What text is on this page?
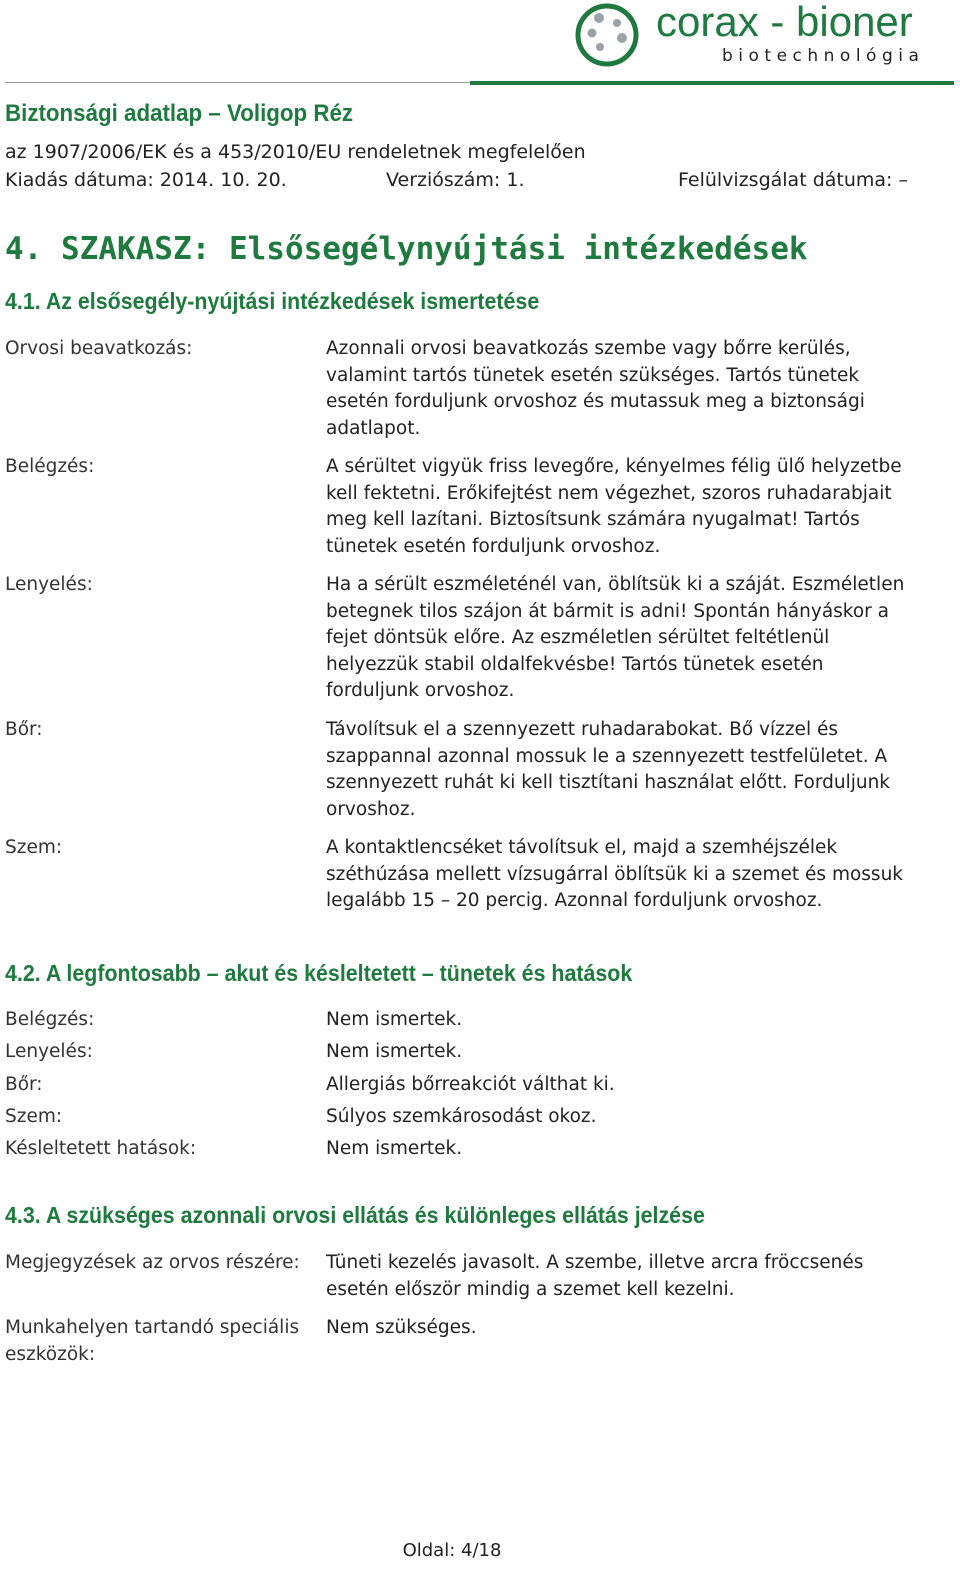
corax - bioner
biotechnológia
Biztonsági adatlap – Voligop Réz
az 1907/2006/EK és a 453/2010/EU rendeletnek megfelelően
Kiadás dátuma: 2014. 10. 20.	Verziószám: 1.	Felülvizsgálat dátuma: –
4. SZAKASZ: Elsősegélynyújtási intézkedések
4.1. Az elsősegély-nyújtási intézkedések ismertetése
Orvosi beavatkozás:	Azonnali orvosi beavatkozás szembe vagy bőrre kerülés, valamint tartós tünetek esetén szükséges. Tartós tünetek esetén forduljunk orvoshoz és mutassuk meg a biztonsági adatlapot.
Belégzés:	A sérültet vigyük friss levegőre, kényelmes félig ülő helyzetbe kell fektetni. Erőkifejtést nem végezhet, szoros ruhadarabjait meg kell lazítani. Biztosítsunk számára nyugalmat! Tartós tünetek esetén forduljunk orvoshoz.
Lenyelés:	Ha a sérült eszméleténél van, öblítsük ki a száját. Eszméletlen betegnek tilos szájon át bármit is adni! Spontán hányáskor a fejet döntsük előre. Az eszméletlen sérültet feltétlenül helyezzük stabil oldalfekvésbe! Tartós tünetek esetén forduljunk orvoshoz.
Bőr:	Távolítsuk el a szennyezett ruhadarabokat. Bő vízzel és szappannal azonnal mossuk le a szennyezett testfelületet. A szennyezett ruhát ki kell tisztítani használat előtt. Forduljunk orvoshoz.
Szem:	A kontaktlencséket távolítsuk el, majd a szemhéjszélek széthúzása mellett vízsugárral öblítsük ki a szemet és mossuk legalább 15 – 20 percig. Azonnal forduljunk orvoshoz.
4.2. A legfontosabb – akut és késleltetett – tünetek és hatások
Belégzés:	Nem ismertek.
Lenyelés:	Nem ismertek.
Bőr:	Allergiás bőrreakciót válthat ki.
Szem:	Súlyos szemkárosodást okoz.
Késleltetett hatások:	Nem ismertek.
4.3. A szükséges azonnali orvosi ellátás és különleges ellátás jelzése
Megjegyzések az orvos részére: Tüneti kezelés javasolt. A szembe, illetve arcra fröccsenés esetén először mindig a szemet kell kezelni.
Munkahelyen tartandó speciális eszközök:
Nem szükséges.
Oldal: 4/18
